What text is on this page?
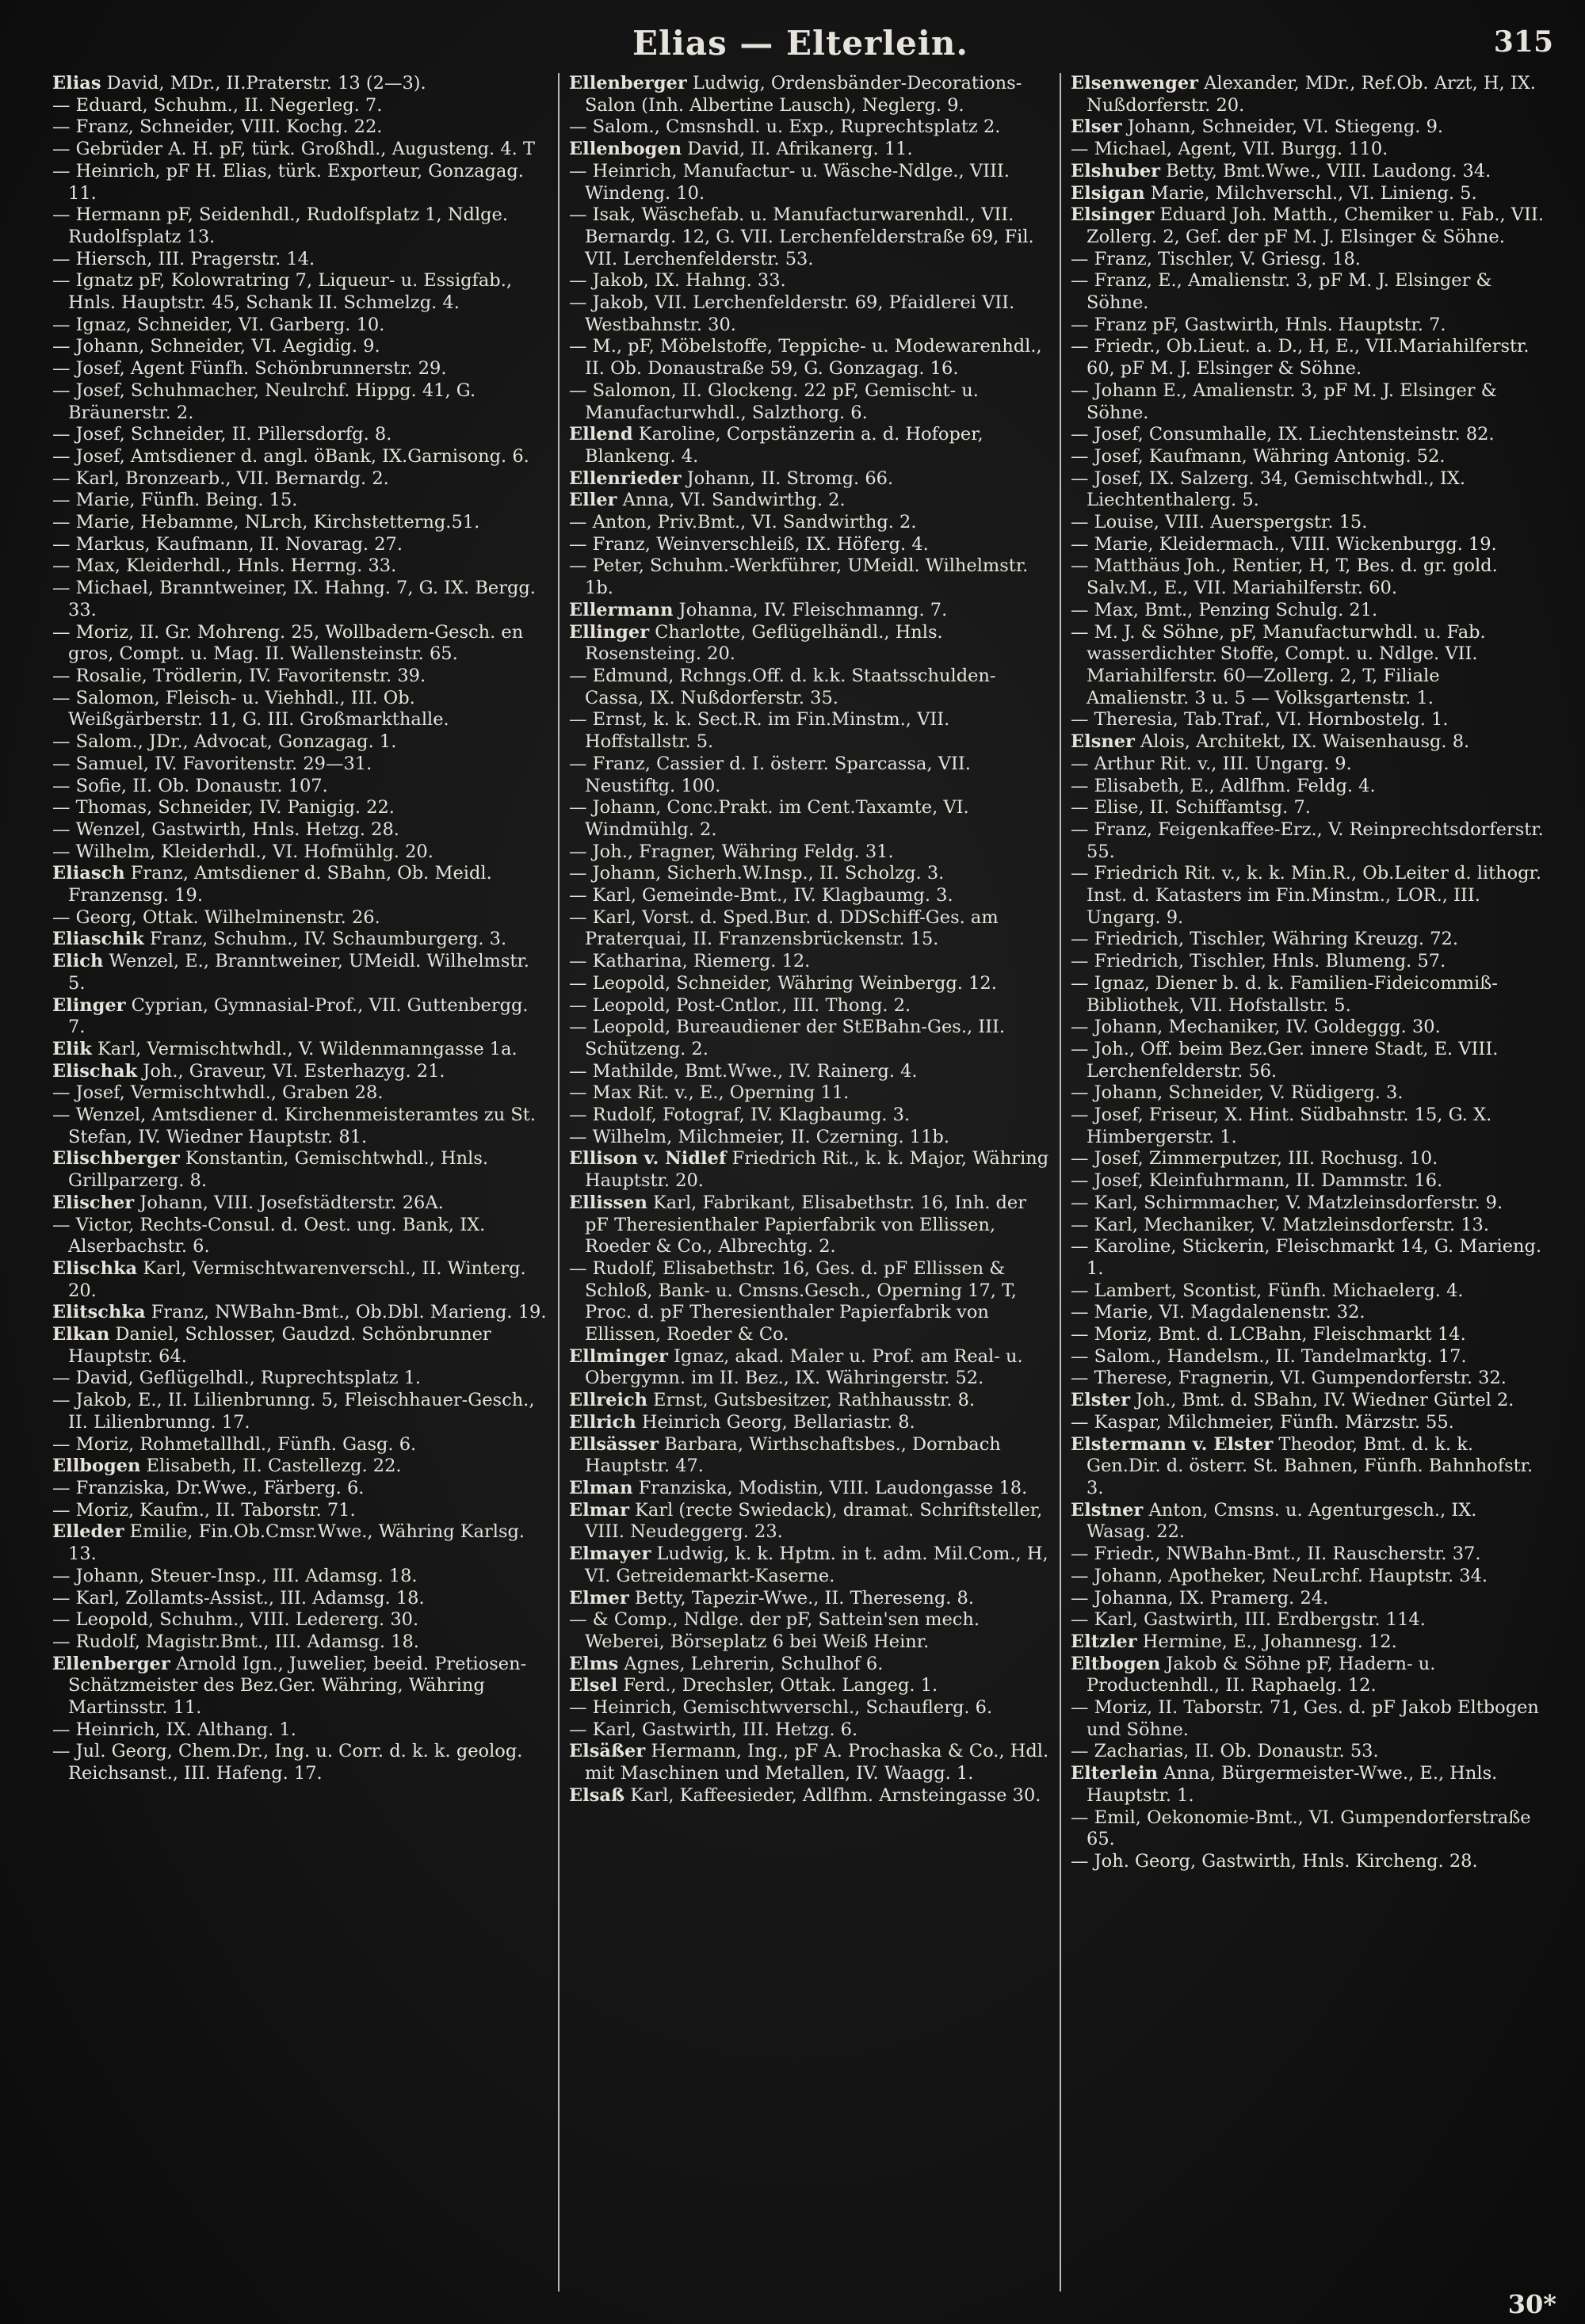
Elias — Elterlein.	315
Elias David, MDr., II.Praterstr. 13 (2—3).
— Eduard, Schuhm., II. Negerleg. 7.
— Franz, Schneider, VIII. Kochg. 22.
— Gebrüder A. H. pF, türk. Großhdl., Augusteng. 4. T
— Heinrich, pF H. Elias, türk. Exporteur, Gonzagag. 11.
— Hermann pF, Seidenhdl., Rudolfsplatz 1, Ndlge. Rudolfsplatz 13.
— Hiersch, III. Pragerstr. 14.
— Ignatz pF, Kolowratring 7, Liqueur- u. Essigfab., Hnls. Hauptstr. 45, Schank II. Schmelzg. 4.
— Ignaz, Schneider, VI. Garberg. 10.
— Johann, Schneider, VI. Aegidig. 9.
— Josef, Agent Fünfh. Schönbrunnerstr. 29.
— Josef, Schuhmacher, Neulrchf. Hippg. 41, G. Bräunerstr. 2.
— Josef, Schneider, II. Pillersdorfg. 8.
— Josef, Amtsdiener d. angl. öBank, IX.Garnisong. 6.
— Karl, Bronzearb., VII. Bernardg. 2.
— Marie, Fünfh. Being. 15.
— Marie, Hebamme, NLrch, Kirchstetterng.51.
— Markus, Kaufmann, II. Novarag. 27.
— Max, Kleiderhdl., Hnls. Herrng. 33.
— Michael, Branntweiner, IX. Hahng. 7, G. IX. Bergg. 33.
— Moriz, II. Gr. Mohreng. 25, Wollbadern-Gesch. en gros, Compt. u. Mag. II. Wallensteinstr. 65.
— Rosalie, Trödlerin, IV. Favoritenstr. 39.
— Salomon, Fleisch- u. Viehhdl., III. Ob. Weißgärberstr. 11, G. III. Großmarkthalle.
— Salom., JDr., Advocat, Gonzagag. 1.
— Samuel, IV. Favoritenstr. 29—31.
— Sofie, II. Ob. Donaustr. 107.
— Thomas, Schneider, IV. Panigig. 22.
— Wenzel, Gastwirth, Hnls. Hetzg. 28.
— Wilhelm, Kleiderhdl., VI. Hofmühlg. 20.
Eliasch Franz, Amtsdiener d. SBahn, Ob. Meidl. Franzensg. 19.
— Georg, Ottak. Wilhelminenstr. 26.
Eliaschik Franz, Schuhm., IV. Schaumburgerg. 3.
Elich Wenzel, E., Branntweiner, UMeidl. Wilhelmstr. 5.
Elinger Cyprian, Gymnasial-Prof., VII. Guttenbergg. 7.
Elik Karl, Vermischtwhdl., V. Wildenmanngasse 1a.
Elischak Joh., Graveur, VI. Esterhazyg. 21.
— Josef, Vermischtwhdl., Graben 28.
— Wenzel, Amtsdiener d. Kirchenmeisteramtes zu St. Stefan, IV. Wiedner Hauptstr. 81.
Elischberger Konstantin, Gemischtwhdl., Hnls. Grillparzerg. 8.
Elischer Johann, VIII. Josefstädterstr. 26A.
— Victor, Rechts-Consul. d. Oest. ung. Bank, IX. Alserbachstr. 6.
Elischka Karl, Vermischtwarenverschl., II. Winterg. 20.
Elitschka Franz, NWBahn-Bmt., Ob.Dbl. Marieng. 19.
Elkan Daniel, Schlosser, Gaudzd. Schönbrunner Hauptstr. 64.
— David, Geflügelhdl., Ruprechtsplatz 1.
— Jakob, E., II. Lilienbrunng. 5, Fleischhauer-Gesch., II. Lilienbrunng. 17.
— Moriz, Rohmetallhdl., Fünfh. Gasg. 6.
Ellbogen Elisabeth, II. Castellezg. 22.
— Franziska, Dr.Wwe., Färberg. 6.
— Moriz, Kaufm., II. Taborstr. 71.
Elleder Emilie, Fin.Ob.Cmsr.Wwe., Währing Karlsg. 13.
— Johann, Steuer-Insp., III. Adamsg. 18.
— Karl, Zollamts-Assist., III. Adamsg. 18.
— Leopold, Schuhm., VIII. Ledererg. 30.
— Rudolf, Magistr.Bmt., III. Adamsg. 18.
Ellenberger Arnold Ign., Juwelier, beeid. Pretiosen-Schätzmeister des Bez.Ger. Währing, Währing Martinsstr. 11.
— Heinrich, IX. Althang. 1.
— Jul. Georg, Chem.Dr., Ing. u. Corr. d. k. k. geolog. Reichsanst., III. Hafeng. 17.
Ellenberger Ludwig, Ordensbänder-Decorations-Salon (Inh. Albertine Lausch), Neglerg. 9.
— Salom., Cmsnshdl. u. Exp., Ruprechtsplatz 2.
Ellenbogen David, II. Afrikanerg. 11.
— Heinrich, Manufactur- u. Wäsche-Ndlge., VIII. Windeng. 10.
— Isak, Wäschefab. u. Manufacturwarenhdl., VII. Bernardg. 12, G. VII. Lerchenfelderstraße 69, Fil. VII. Lerchenfelderstr. 53.
— Jakob, IX. Hahng. 33.
— Jakob, VII. Lerchenfelderstr. 69, Pfaidlerei VII. Westbahnstr. 30.
— M., pF, Möbelstoffe, Teppiche- u. Modewarenhdl., II. Ob. Donaustraße 59, G. Gonzagag. 16.
— Salomon, II. Glockeng. 22 pF, Gemischt- u. Manufacturwhdl., Salzthorg. 6.
Ellend Karoline, Corpstänzerin a. d. Hofoper, Blankeng. 4.
Ellenrieder Johann, II. Stromg. 66.
Eller Anna, VI. Sandwirthg. 2.
— Anton, Priv.Bmt., VI. Sandwirthg. 2.
— Franz, Weinverschleiß, IX. Höferg. 4.
— Peter, Schuhm.-Werkführer, UMeidl. Wilhelmstr. 1b.
Ellermann Johanna, IV. Fleischmanng. 7.
Ellinger Charlotte, Geflügelhändl., Hnls. Rosensteing. 20.
— Edmund, Rchngs.Off. d. k.k. Staatsschulden-Cassa, IX. Nußdorferstr. 35.
— Ernst, k. k. Sect.R. im Fin.Minstm., VII. Hoffstallstr. 5.
— Franz, Cassier d. I. österr. Sparcassa, VII. Neustiftg. 100.
— Johann, Conc.Prakt. im Cent.Taxamte, VI. Windmühlg. 2.
— Joh., Fragner, Währing Feldg. 31.
— Johann, Sicherh.W.Insp., II. Scholzg. 3.
— Karl, Gemeinde-Bmt., IV. Klagbaumg. 3.
— Karl, Vorst. d. Sped.Bur. d. DDSchiff-Ges. am Praterquai, II. Franzensbrückenstr. 15.
— Katharina, Riemerg. 12.
— Leopold, Schneider, Währing Weinbergg. 12.
— Leopold, Post-Cntlor., III. Thong. 2.
— Leopold, Bureaudiener der StEBahn-Ges., III. Schützeng. 2.
— Mathilde, Bmt.Wwe., IV. Rainerg. 4.
— Max Rit. v., E., Operning 11.
— Rudolf, Fotograf, IV. Klagbaumg. 3.
— Wilhelm, Milchmeier, II. Czerning. 11b.
Ellison v. Nidlef Friedrich Rit., k. k. Major, Währing Hauptstr. 20.
Ellissen Karl, Fabrikant, Elisabethstr. 16, Inh. der pF Theresienthaler Papierfabrik von Ellissen, Roeder & Co., Albrechtg. 2.
— Rudolf, Elisabethstr. 16, Ges. d. pF Ellissen & Schloß, Bank- u. Cmsns.Gesch., Operning 17, T, Proc. d. pF Theresienthaler Papierfabrik von Ellissen, Roeder & Co.
Ellminger Ignaz, akad. Maler u. Prof. am Real- u. Obergymn. im II. Bez., IX. Währingerstr. 52.
Ellreich Ernst, Gutsbesitzer, Rathhausstr. 8.
Ellrich Heinrich Georg, Bellariastr. 8.
Ellsässer Barbara, Wirthschaftsbes., Dornbach Hauptstr. 47.
Elman Franziska, Modistin, VIII. Laudongasse 18.
Elmar Karl (recte Swiedack), dramat. Schriftsteller, VIII. Neudeggerg. 23.
Elmayer Ludwig, k. k. Hptm. in t. adm. Mil.Com., H, VI. Getreidemarkt-Kaserne.
Elmer Betty, Tapezir-Wwe., II. Thereseng. 8.
— & Comp., Ndlge. der pF, Sattein'sen mech. Weberei, Börseplatz 6 bei Weiß Heinr.
Elms Agnes, Lehrerin, Schulhof 6.
Elsel Ferd., Drechsler, Ottak. Langeg. 1.
— Heinrich, Gemischtwverschl., Schauflerg. 6.
— Karl, Gastwirth, III. Hetzg. 6.
Elsäßer Hermann, Ing., pF A. Prochaska & Co., Hdl. mit Maschinen und Metallen, IV. Waagg. 1.
Elsaß Karl, Kaffeesieder, Adlfhm. Arnsteingasse 30.
Elsenwenger Alexander, MDr., Ref.Ob. Arzt, H, IX. Nußdorferstr. 20.
Elser Johann, Schneider, VI. Stiegeng. 9.
— Michael, Agent, VII. Burgg. 110.
Elshuber Betty, Bmt.Wwe., VIII. Laudong. 34.
Elsigan Marie, Milchverschl., VI. Linieng. 5.
Elsinger Eduard Joh. Matth., Chemiker u. Fab., VII. Zollerg. 2, Gef. der pF M. J. Elsinger & Söhne.
— Franz, Tischler, V. Griesg. 18.
— Franz, E., Amalienstr. 3, pF M. J. Elsinger & Söhne.
— Franz pF, Gastwirth, Hnls. Hauptstr. 7.
— Friedr., Ob.Lieut. a. D., H, E., VII.Mariahilferstr. 60, pF M. J. Elsinger & Söhne.
— Johann E., Amalienstr. 3, pF M. J. Elsinger & Söhne.
— Josef, Consumhalle, IX. Liechtensteinstr. 82.
— Josef, Kaufmann, Währing Antonig. 52.
— Josef, IX. Salzerg. 34, Gemischtwhdl., IX. Liechtenthalerg. 5.
— Louise, VIII. Auerspergstr. 15.
— Marie, Kleidermach., VIII. Wickenburgg. 19.
— Matthäus Joh., Rentier, H, T, Bes. d. gr. gold. Salv.M., E., VII. Mariahilferstr. 60.
— Max, Bmt., Penzing Schulg. 21.
— M. J. & Söhne, pF, Manufacturwhdl. u. Fab. wasserdichter Stoffe, Compt. u. Ndlge. VII. Mariahilferstr. 60—Zollerg. 2, T, Filiale Amalienstr. 3 u. 5 — Volksgartenstr. 1.
— Theresia, Tab.Traf., VI. Hornbostelg. 1.
Elsner Alois, Architekt, IX. Waisenhausg. 8.
— Arthur Rit. v., III. Ungarg. 9.
— Elisabeth, E., Adlfhm. Feldg. 4.
— Elise, II. Schiffamtsg. 7.
— Franz, Feigenkaffee-Erz., V. Reinprechtsdorferstr. 55.
— Friedrich Rit. v., k. k. Min.R., Ob.Leiter d. lithogr. Inst. d. Katasters im Fin.Minstm., LOR., III. Ungarg. 9.
— Friedrich, Tischler, Währing Kreuzg. 72.
— Friedrich, Tischler, Hnls. Blumeng. 57.
— Ignaz, Diener b. d. k. Familien-Fideicommiß-Bibliothek, VII. Hofstallstr. 5.
— Johann, Mechaniker, IV. Goldeggg. 30.
— Joh., Off. beim Bez.Ger. innere Stadt, E. VIII. Lerchenfelderstr. 56.
— Johann, Schneider, V. Rüdigerg. 3.
— Josef, Friseur, X. Hint. Südbahnstr. 15, G. X. Himbergerstr. 1.
— Josef, Zimmerputzer, III. Rochusg. 10.
— Josef, Kleinfuhrmann, II. Dammstr. 16.
— Karl, Schirmmacher, V. Matzleinsdorferstr. 9.
— Karl, Mechaniker, V. Matzleinsdorferstr. 13.
— Karoline, Stickerin, Fleischmarkt 14, G. Marieng. 1.
— Lambert, Scontist, Fünfh. Michaelerg. 4.
— Marie, VI. Magdalenenstr. 32.
— Moriz, Bmt. d. LCBahn, Fleischmarkt 14.
— Salom., Handelsm., II. Tandelmarktg. 17.
— Therese, Fragnerin, VI. Gumpendorferstr. 32.
Elster Joh., Bmt. d. SBahn, IV. Wiedner Gürtel 2.
— Kaspar, Milchmeier, Fünfh. Märzstr. 55.
Elstermann v. Elster Theodor, Bmt. d. k. k. Gen.Dir. d. österr. St. Bahnen, Fünfh. Bahnhofstr. 3.
Elstner Anton, Cmsns. u. Agenturgesch., IX. Wasag. 22.
— Friedr., NWBahn-Bmt., II. Rauscherstr. 37.
— Johann, Apotheker, NeuLrchf. Hauptstr. 34.
— Johanna, IX. Pramerg. 24.
— Karl, Gastwirth, III. Erdbergstr. 114.
Eltzler Hermine, E., Johannesg. 12.
Eltbogen Jakob & Söhne pF, Hadern- u. Productenhdl., II. Raphaelg. 12.
— Moriz, II. Taborstr. 71, Ges. d. pF Jakob Eltbogen und Söhne.
— Zacharias, II. Ob. Donaustr. 53.
Elterlein Anna, Bürgermeister-Wwe., E., Hnls. Hauptstr. 1.
— Emil, Oekonomie-Bmt., VI. Gumpendorferstraße 65.
— Joh. Georg, Gastwirth, Hnls. Kircheng. 28.
30*
